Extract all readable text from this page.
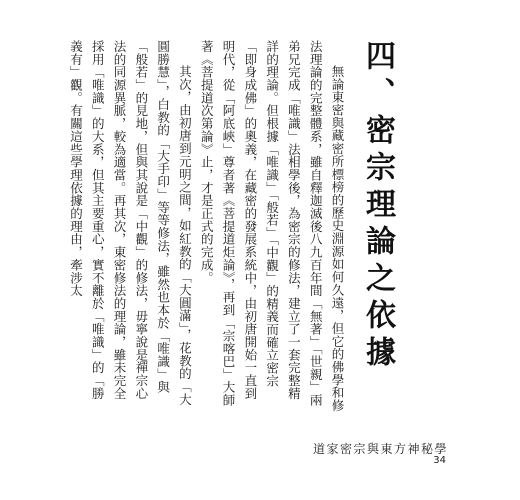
四、密宗理論之依據

無論東密與藏密所標榜的歷史淵源如何久遠，但它的佛學和修法理論的完整體系，雖自釋迦滅後八九百年間「無著」「世親」兩弟兄完成「唯識」法相學後，為密宗的修法，建立了一套完整精詳的理論。但根據「唯識」「般若」「中觀」的精義而確立密宗「即身成佛」的奧義，在藏密的發展系統中，由初唐開始一直到明代，從「阿底峽」尊者著《菩提道炬論》，再到「宗喀巴」大師著《菩提道次第論》止，才是正式的完成。

其次，由初唐到元明之間，如紅教的「大圓滿」，花教的「大圓勝慧」，白教的「大手印」等等修法，雖然也本於「唯識」與「般若」的見地，但與其說是「中觀」的修法，毋寧說是禪宗心法的同源異脈，較為適當。再其次，東密修法的理論，雖未完全採用「唯識」的大系，但其主要重心，實不離於「唯識」的「勝義有」觀。有關這些學理依據的理由，牽涉太

道家密宗與東方神秘學
34
